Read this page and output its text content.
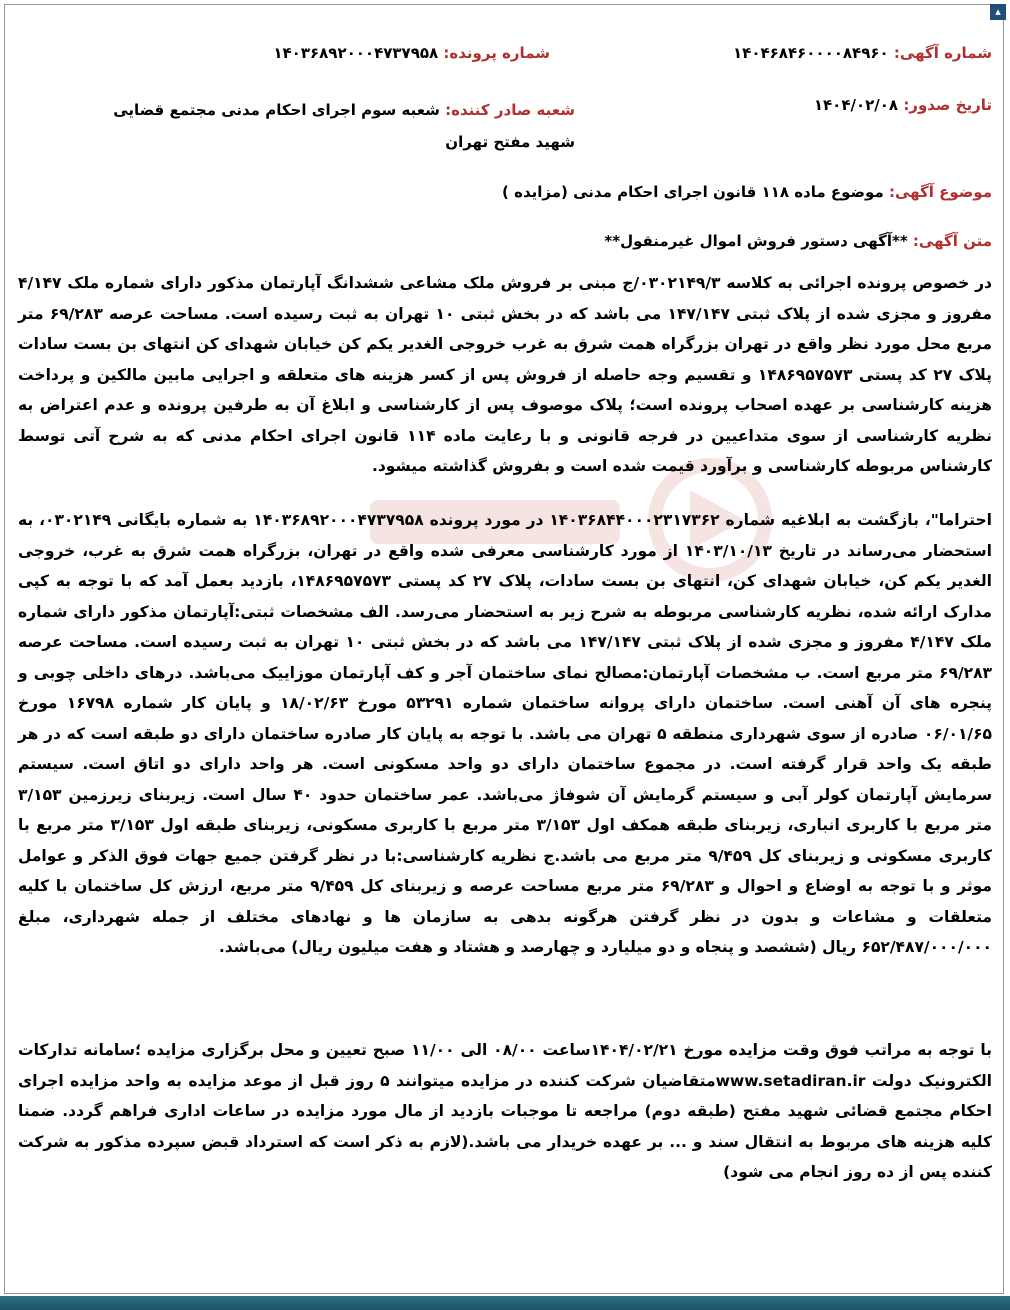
▴
شماره آگهی: ۱۴۰۴۶۸۴۶۰۰۰۰۸۴۹۶۰
شماره پرونده: ۱۴۰۳۶۸۹۲۰۰۰۴۷۳۷۹۵۸
تاریخ صدور: ۱۴۰۴/۰۲/۰۸
شعبه صادر کننده: شعبه سوم اجرای احکام مدنی مجتمع قضایی شهید مفتح تهران
موضوع آگهی: موضوع ماده ۱۱۸ قانون اجرای احکام مدنی (مزایده )
متن آگهی: **آگهی دستور فروش اموال غیرمنقول**
در خصوص پرونده اجرائی به کلاسه ۰۳۰۲۱۴۹/۳/ج مبنی بر فروش ملک مشاعی ششدانگ آپارتمان مذکور دارای شماره ملک ۴/۱۴۷ مفروز و مجزی شده از پلاک ثبتی ۱۴۷/۱۴۷ می باشد که در بخش ثبتی ۱۰ تهران به ثبت رسیده است. مساحت عرصه ۶۹/۲۸۳ متر مربع محل مورد نظر واقع در تهران بزرگراه همت شرق به غرب خروجی الغدیر یکم کن خیابان شهدای کن انتهای بن بست سادات پلاک ۲۷ کد پستی ۱۴۸۶۹۵۷۵۷۳ و تقسیم وجه حاصله از فروش پس از کسر هزینه های متعلقه و اجرایی مابین مالکین و پرداخت هزینه کارشناسی بر عهده اصحاب پرونده است؛ پلاک موصوف پس از کارشناسی و ابلاغ آن به طرفین پرونده و عدم اعتراض به نظریه کارشناسی از سوی متداعیین در فرجه قانونی و با رعایت ماده ۱۱۴ قانون اجرای احکام مدنی که به شرح آتی توسط کارشناس مربوطه کارشناسی و برآورد قیمت شده است و بفروش گذاشته میشود.
احتراما"، بازگشت به ابلاغیه شماره ۱۴۰۳۶۸۴۴۰۰۰۲۳۱۷۳۶۲ در مورد پرونده ۱۴۰۳۶۸۹۲۰۰۰۴۷۳۷۹۵۸ به شماره بایگانی ۰۳۰۲۱۴۹، به استحضار می‌رساند در تاریخ ۱۴۰۳/۱۰/۱۳ از مورد کارشناسی معرفی شده واقع در تهران، بزرگراه همت شرق به غرب، خروجی الغدیر یکم کن، خیابان شهدای کن، انتهای بن بست سادات، پلاک ۲۷ کد پستی ۱۴۸۶۹۵۷۵۷۳، بازدید بعمل آمد که با توجه به کپی مدارک ارائه شده، نظریه کارشناسی مربوطه به شرح زیر به استحضار می‌رسد. الف مشخصات ثبتی:آپارتمان مذکور دارای شماره ملک ۴/۱۴۷ مفروز و مجزی شده از پلاک ثبتی ۱۴۷/۱۴۷ می باشد که در بخش ثبتی ۱۰ تهران به ثبت رسیده است. مساحت عرصه ۶۹/۲۸۳ متر مربع است. ب مشخصات آپارتمان:مصالح نمای ساختمان آجر و کف آپارتمان موزاییک می‌باشد. درهای داخلی چوبی و پنجره های آن آهنی است. ساختمان دارای پروانه ساختمان شماره ۵۳۲۹۱ مورخ ۱۸/۰۲/۶۳ و پایان کار شماره ۱۶۷۹۸ مورخ ۰۶/۰۱/۶۵ صادره از سوی شهرداری منطقه ۵ تهران می باشد. با توجه به پایان کار صادره ساختمان دارای دو طبقه است که در هر طبقه یک واحد قرار گرفته است. در مجموع ساختمان دارای دو واحد مسکونی است. هر واحد دارای دو اتاق است. سیستم سرمایش آپارتمان کولر آبی و سیستم گرمایش آن شوفاژ می‌باشد. عمر ساختمان حدود ۴۰ سال است. زیربنای زیرزمین ۳/۱۵۳ متر مربع با کاربری انباری، زیربنای طبقه همکف اول ۳/۱۵۳ متر مربع با کاربری مسکونی، زیربنای طبقه اول ۳/۱۵۳ متر مربع با کاربری مسکونی و زیربنای کل ۹/۴۵۹ متر مربع می باشد.ج نظریه کارشناسی:با در نظر گرفتن جمیع جهات فوق الذکر و عوامل موثر و با توجه به اوضاع و احوال و ۶۹/۲۸۳ متر مربع مساحت عرصه و زیربنای کل ۹/۴۵۹ متر مربع، ارزش کل ساختمان با کلیه متعلقات و مشاعات و بدون در نظر گرفتن هرگونه بدهی به سازمان ها و نهادهای مختلف از جمله شهرداری، مبلغ ۶۵۲/۴۸۷/۰۰۰/۰۰۰ ریال (ششصد و پنجاه و دو میلیارد و چهارصد و هشتاد و هفت میلیون ریال) می‌باشد.
با توجه به مراتب فوق وقت مزایده مورخ ۱۴۰۴/۰۲/۲۱ساعت ۰۸/۰۰ الی ۱۱/۰۰ صبح تعیین و محل برگزاری مزایده ؛سامانه تدارکات الکترونیک دولت www.setadiran.irمتقاضیان شرکت کننده در مزایده میتوانند ۵ روز قبل از موعد مزایده به واحد مزایده اجرای احکام مجتمع قضائی شهید مفتح (طبقه دوم) مراجعه تا موجبات بازدید از مال مورد مزایده در ساعات اداری فراهم گردد. ضمنا کلیه هزینه های مربوط به انتقال سند و ... بر عهده خریدار می باشد.(لازم به ذکر است که استرداد قبض سپرده مذکور به شرکت کننده پس از ده روز انجام می شود)
